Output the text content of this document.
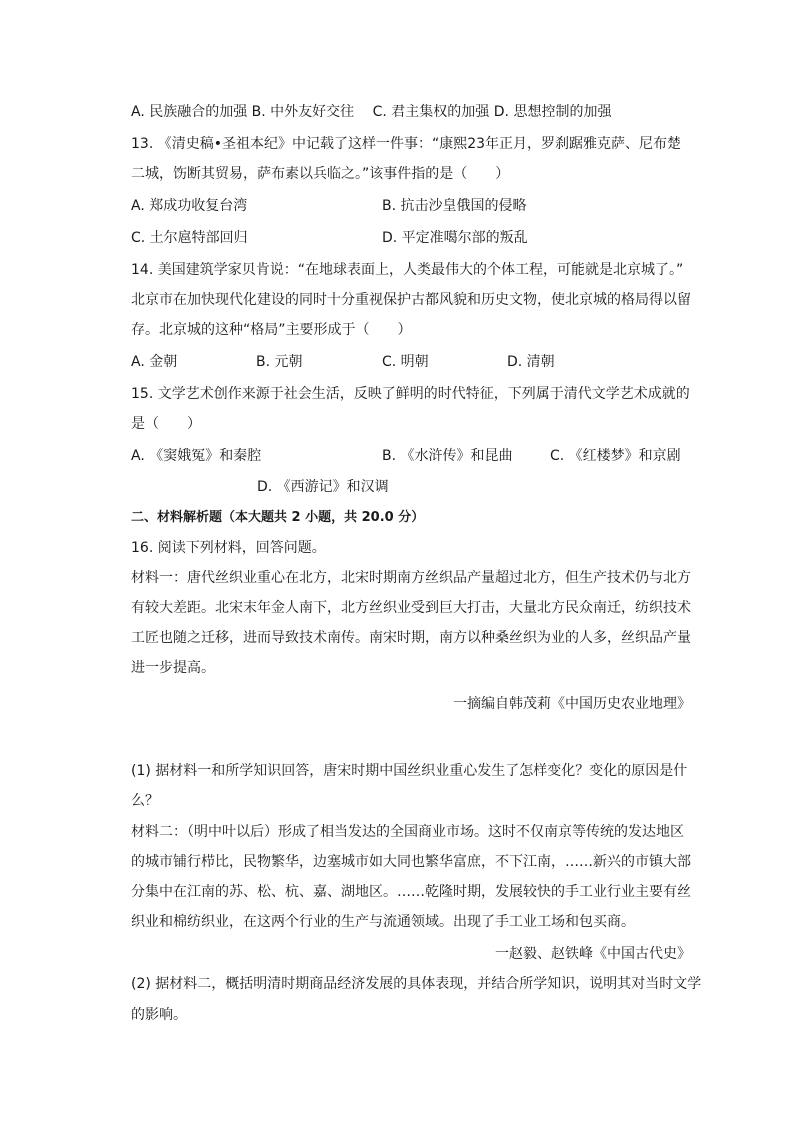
A. 民族融合的加强 B. 中外友好交往 　C. 君主集权的加强 D. 思想控制的加强
13. 《清史稿•圣祖本纪》中记载了这样一件事：“康熙23年正月，罗刹踞雅克萨、尼布楚
二城，饬断其贸易，萨布素以兵临之。”该事件指的是（　　）
A. 郑成功收复台湾	B. 抗击沙皇俄国的侵略
C. 土尔扈特部回归	D. 平定准噶尔部的叛乱
14. 美国建筑学家贝肯说：“在地球表面上，人类最伟大的个体工程，可能就是北京城了。”
北京市在加快现代化建设的同时十分重视保护古都风貌和历史文物，使北京城的格局得以留
存。北京城的这种“格局”主要形成于（　　）
A. 金朝	B. 元朝	C. 明朝	D. 清朝
15. 文学艺术创作来源于社会生活，反映了鲜明的时代特征，下列属于清代文学艺术成就的
是（　　）
A. 《窦娥冤》和秦腔	B. 《水浒传》和昆曲	C. 《红楼梦》和京剧
D. 《西游记》和汉调
二、材料解析题（本大题共 2 小题，共 20.0 分）
16. 阅读下列材料，回答问题。
材料一：唐代丝织业重心在北方，北宋时期南方丝织品产量超过北方，但生产技术仍与北方
有较大差距。北宋末年金人南下，北方丝织业受到巨大打击，大量北方民众南迁，纺织技术
工匠也随之迁移，进而导致技术南传。南宋时期，南方以种桑丝织为业的人多，丝织品产量
进一步提高。
一摘编自韩茂莉《中国历史农业地理》
(1) 据材料一和所学知识回答，唐宋时期中国丝织业重心发生了怎样变化？变化的原因是什
么？
材料二：（明中叶以后）形成了相当发达的全国商业市场。这时不仅南京等传统的发达地区
的城市铺行栉比，民物繁华，边塞城市如大同也繁华富庶，不下江南，……新兴的市镇大部
分集中在江南的苏、松、杭、嘉、湖地区。……乾隆时期，发展较快的手工业行业主要有丝
织业和棉纺织业，在这两个行业的生产与流通领域。出现了手工业工场和包买商。
一赵毅、赵铁峰《中国古代史》
(2) 据材料二，概括明清时期商品经济发展的具体表现，并结合所学知识，说明其对当时文学
的影响。
